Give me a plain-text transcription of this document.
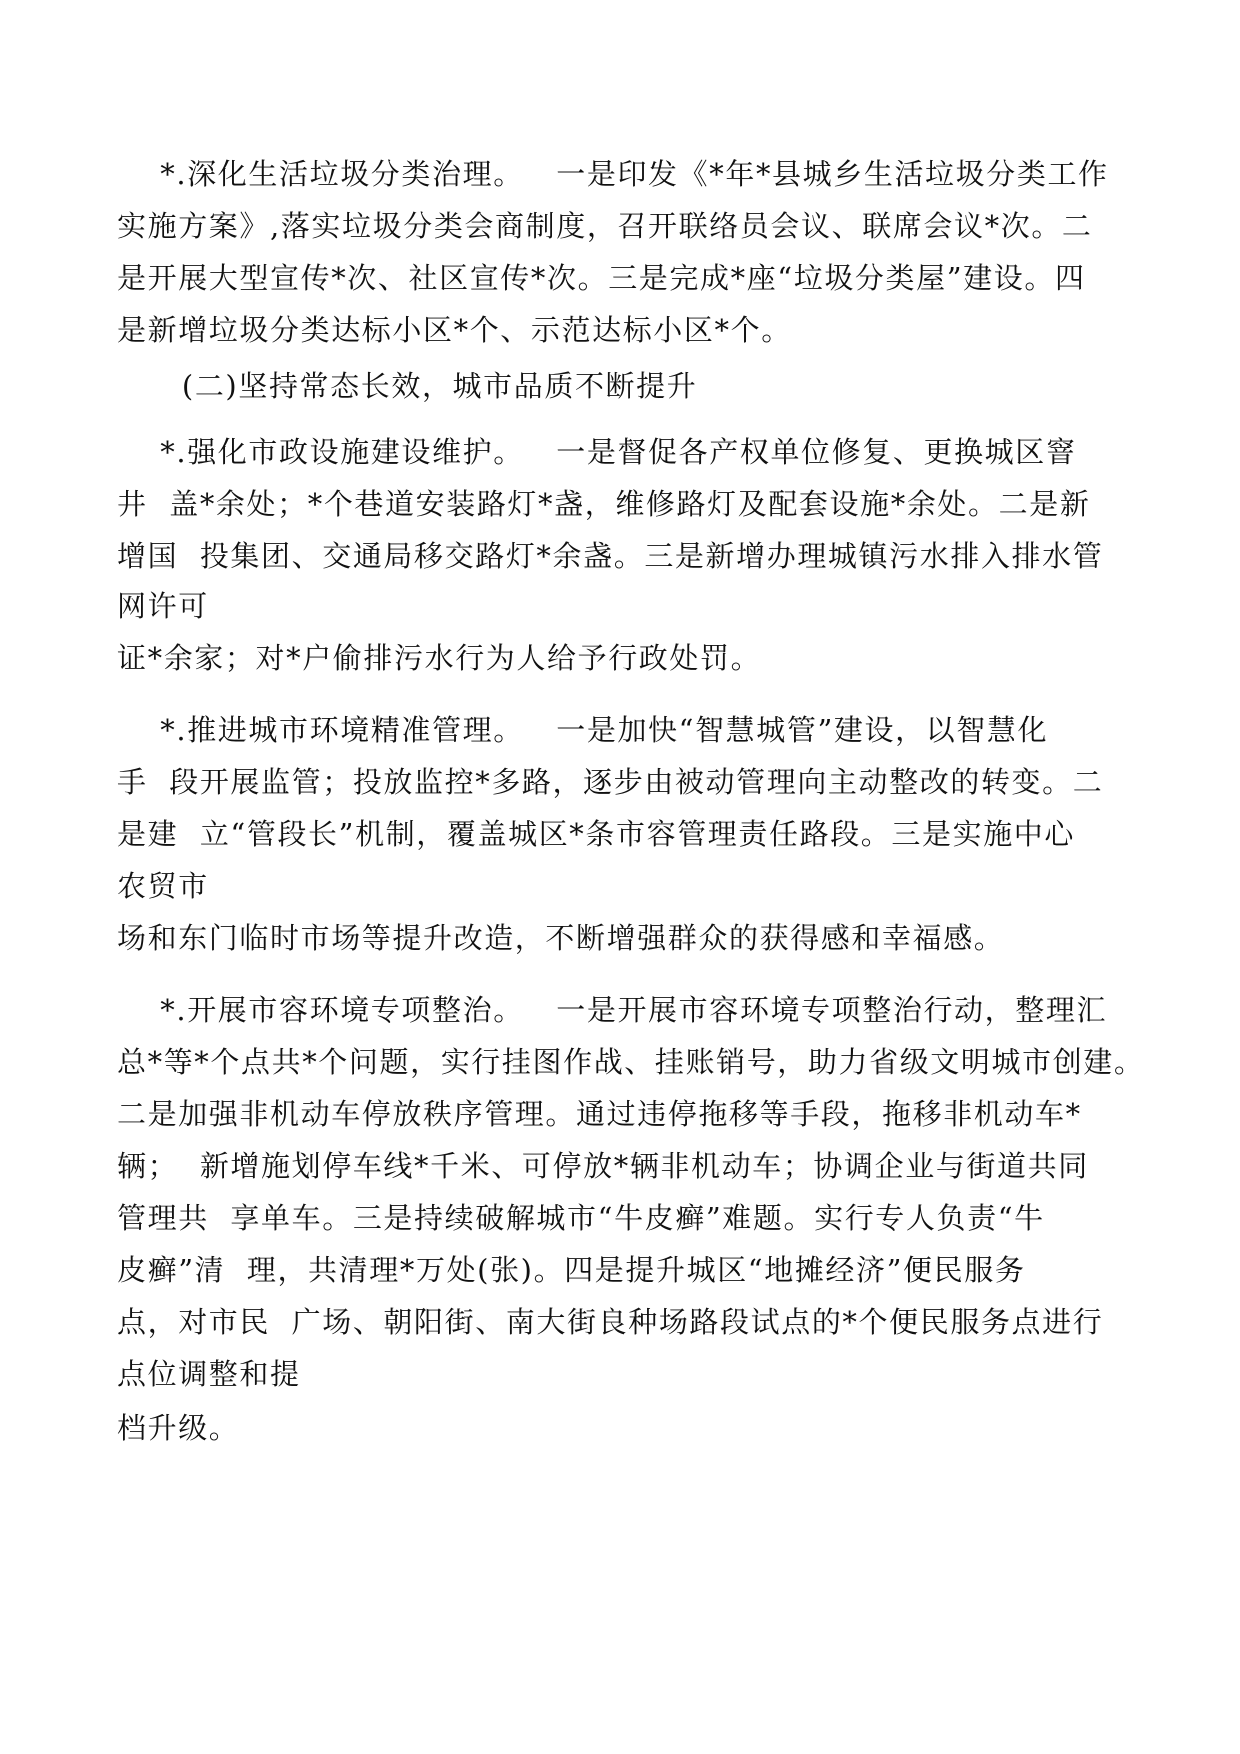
*.深化生活垃圾分类治理。   一是印发《*年*县城乡生活垃圾分类工作
实施方案》,落实垃圾分类会商制度，召开联络员会议、联席会议*次。二
是开展大型宣传*次、社区宣传*次。三是完成*座“垃圾分类屋”建设。四
是新增垃圾分类达标小区*个、示范达标小区*个。
(二)坚持常态长效，城市品质不断提升
*.强化市政设施建设维护。   一是督促各产权单位修复、更换城区窨
井  盖*余处；*个巷道安装路灯*盏，维修路灯及配套设施*余处。二是新
增国  投集团、交通局移交路灯*余盏。三是新增办理城镇污水排入排水管
网许可
证*余家；对*户偷排污水行为人给予行政处罚。
*.推进城市环境精准管理。   一是加快“智慧城管”建设，以智慧化
手  段开展监管；投放监控*多路，逐步由被动管理向主动整改的转变。二
是建  立“管段长”机制，覆盖城区*条市容管理责任路段。三是实施中心
农贸市
场和东门临时市场等提升改造，不断增强群众的获得感和幸福感。
*.开展市容环境专项整治。   一是开展市容环境专项整治行动，整理汇
总*等*个点共*个问题，实行挂图作战、挂账销号，助力省级文明城市创建。
二是加强非机动车停放秩序管理。通过违停拖移等手段，拖移非机动车*
辆；  新增施划停车线*千米、可停放*辆非机动车；协调企业与街道共同
管理共  享单车。三是持续破解城市“牛皮癣”难题。实行专人负责“牛
皮癣”清  理，共清理*万处(张)。四是提升城区“地摊经济”便民服务
点，对市民  广场、朝阳街、南大街良种场路段试点的*个便民服务点进行
点位调整和提
档升级。
